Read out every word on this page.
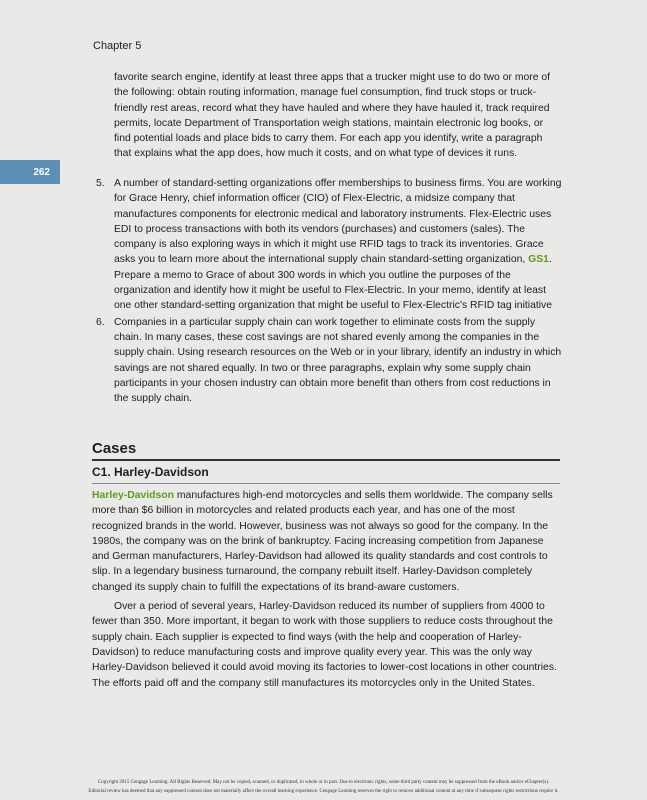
Chapter 5
262

favorite search engine, identify at least three apps that a trucker might use to do two or more of the following: obtain routing information, manage fuel consumption, find truck stops or truck-friendly rest areas, record what they have hauled and where they have hauled it, track required permits, locate Department of Transportation weigh stations, maintain electronic log books, or find potential loads and place bids to carry them. For each app you identify, write a paragraph that explains what the app does, how much it costs, and on what type of devices it runs.

5. A number of standard-setting organizations offer memberships to business firms. You are working for Grace Henry, chief information officer (CIO) of Flex-Electric, a midsize company that manufactures components for electronic medical and laboratory instruments. Flex-Electric uses EDI to process transactions with both its vendors (purchases) and customers (sales). The company is also exploring ways in which it might use RFID tags to track its inventories. Grace asks you to learn more about the international supply chain standard-setting organization, GS1. Prepare a memo to Grace of about 300 words in which you outline the purposes of the organization and identify how it might be useful to Flex-Electric. In your memo, identify at least one other standard-setting organization that might be useful to Flex-Electric's RFID tag initiative
6. Companies in a particular supply chain can work together to eliminate costs from the supply chain. In many cases, these cost savings are not shared evenly among the companies in the supply chain. Using research resources on the Web or in your library, identify an industry in which savings are not shared equally. In two or three paragraphs, explain why some supply chain participants in your chosen industry can obtain more benefit than others from cost reductions in the supply chain.
Cases
C1. Harley-Davidson

Harley-Davidson manufactures high-end motorcycles and sells them worldwide. The company sells more than $6 billion in motorcycles and related products each year, and has one of the most recognized brands in the world. However, business was not always so good for the company. In the 1980s, the company was on the brink of bankruptcy. Facing increasing competition from Japanese and German manufacturers, Harley-Davidson had allowed its quality standards and cost controls to slip. In a legendary business turnaround, the company rebuilt itself. Harley-Davidson completely changed its supply chain to fulfill the expectations of its brand-aware customers.

Over a period of several years, Harley-Davidson reduced its number of suppliers from 4000 to fewer than 350. More important, it began to work with those suppliers to reduce costs throughout the supply chain. Each supplier is expected to find ways (with the help and cooperation of Harley-Davidson) to reduce manufacturing costs and improve quality every year. This was the only way Harley-Davidson believed it could avoid moving its factories to lower-cost locations in other countries. The efforts paid off and the company still manufactures its motorcycles only in the United States.

Copyright 2015 Cengage Learning. All Rights Reserved. May not be copied, scanned, or duplicated, in whole or in part. Due to electronic rights, some third party content may be suppressed from the eBook and/or eChapter(s).
Editorial review has deemed that any suppressed content does not materially affect the overall learning experience. Cengage Learning reserves the right to remove additional content at any time if subsequent rights restrictions require it.
